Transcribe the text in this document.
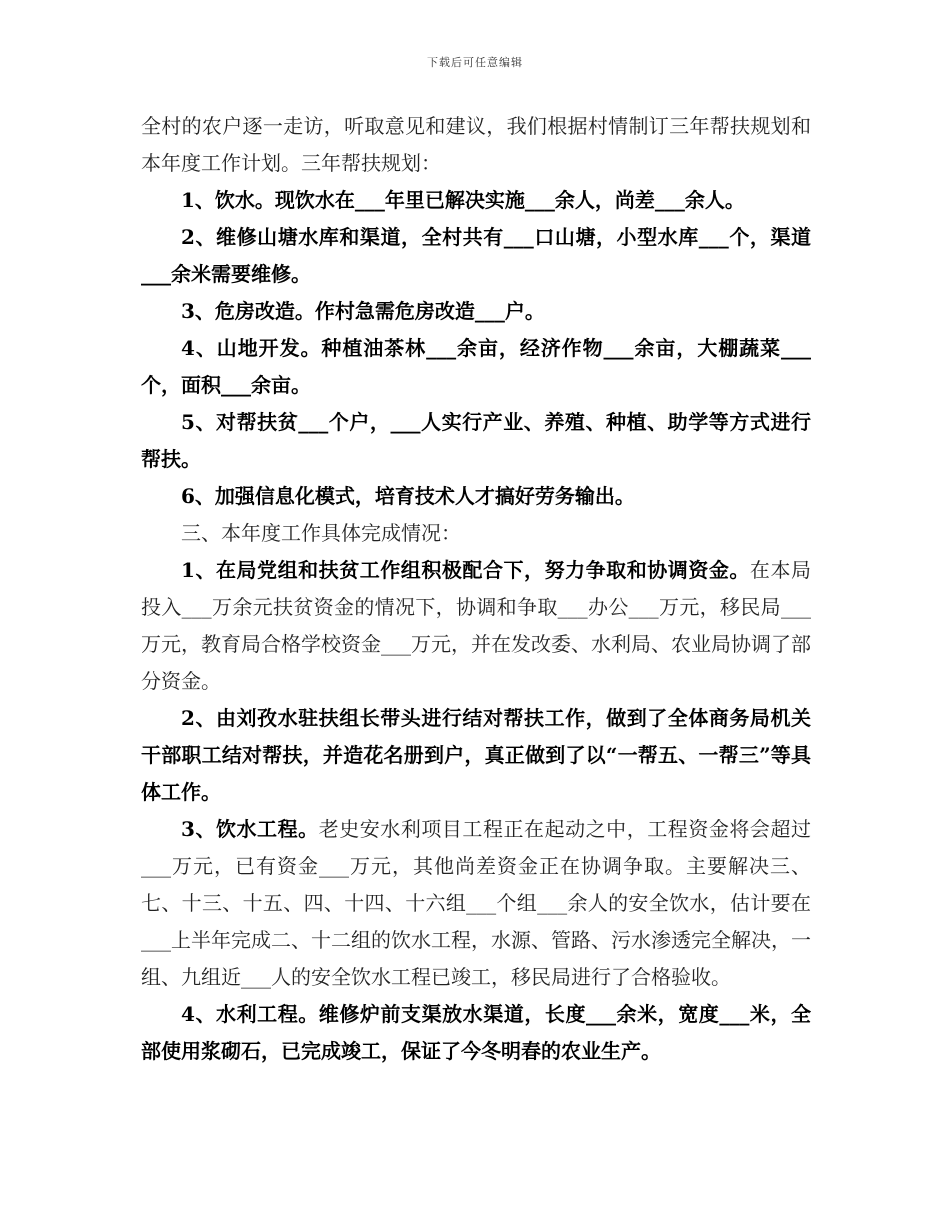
下载后可任意编辑

全村的农户逐一走访，听取意见和建议，我们根据村情制订三年帮扶规划和本年度工作计划。三年帮扶规划：

1、饮水。现饮水在___年里已解决实施___余人，尚差___余人。

2、维修山塘水库和渠道，全村共有___口山塘，小型水库___个，渠道___余米需要维修。

3、危房改造。作村急需危房改造___户。

4、山地开发。种植油茶林___余亩，经济作物___余亩，大棚蔬菜___个，面积___余亩。

5、对帮扶贫___个户，___人实行产业、养殖、种植、助学等方式进行帮扶。

6、加强信息化模式，培育技术人才搞好劳务输出。

三、本年度工作具体完成情况：

1、在局党组和扶贫工作组积极配合下，努力争取和协调资金。在本局投入___万余元扶贫资金的情况下，协调和争取___办公___万元，移民局___万元，教育局合格学校资金___万元，并在发改委、水利局、农业局协调了部分资金。

2、由刘孜水驻扶组长带头进行结对帮扶工作，做到了全体商务局机关干部职工结对帮扶，并造花名册到户，真正做到了以“一帮五、一帮三”等具体工作。

3、饮水工程。老史安水利项目工程正在起动之中，工程资金将会超过___万元，已有资金___万元，其他尚差资金正在协调争取。主要解决三、七、十三、十五、四、十四、十六组___个组___余人的安全饮水，估计要在___上半年完成二、十二组的饮水工程，水源、管路、污水渗透完全解决，一组、九组近___人的安全饮水工程已竣工，移民局进行了合格验收。

4、水利工程。维修炉前支渠放水渠道，长度___余米，宽度___米，全部使用浆砌石，已完成竣工，保证了今冬明春的农业生产。
